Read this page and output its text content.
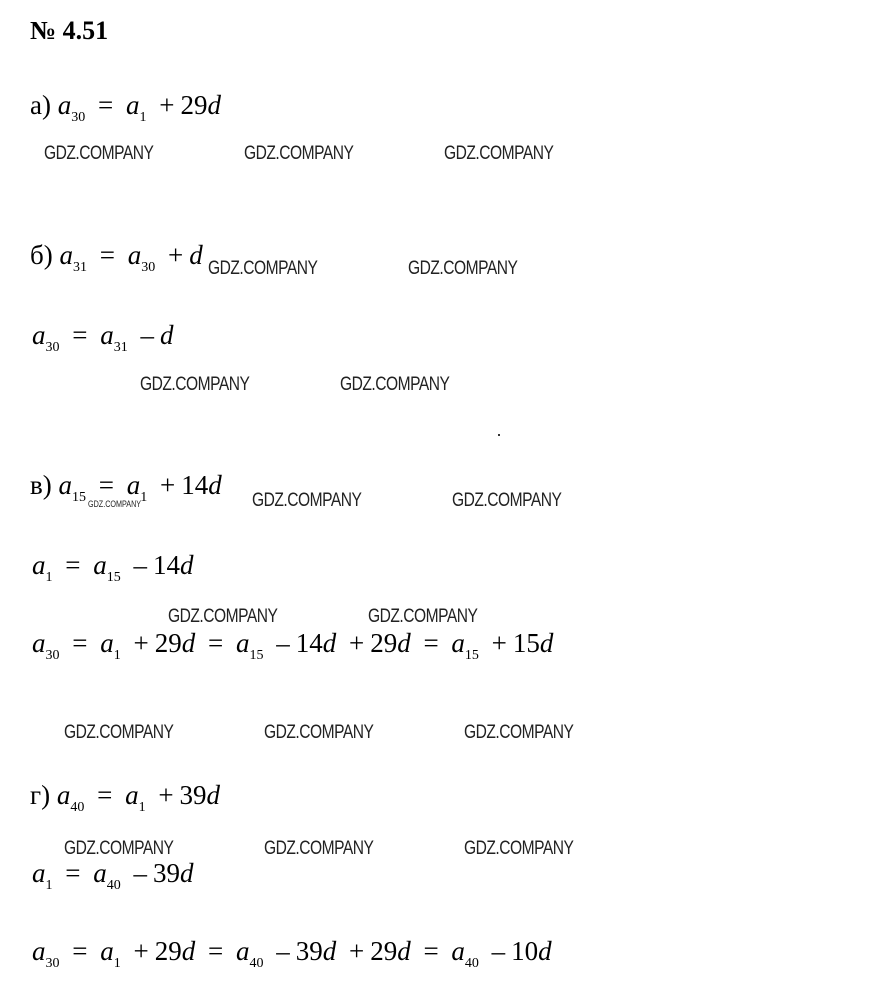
№ 4.51
а) $a_{30} = a_1 + 29d$
б) $a_{31} = a_{30} + d$
$a_{30} = a_{31} - d$
в) $a_{15} = a_1 + 14d$
$a_1 = a_{15} - 14d$
$a_{30} = a_1 + 29d = a_{15} - 14d + 29d = a_{15} + 15d$
г) $a_{40} = a_1 + 39d$
$a_1 = a_{40} - 39d$
$a_{30} = a_1 + 29d = a_{40} - 39d + 29d = a_{40} - 10d$
GDZ.COMPANY	GDZ.COMPANY	GDZ.COMPANY
GDZ.COMPANY	GDZ.COMPANY
GDZ.COMPANY	GDZ.COMPANY
GDZ.COMPANY	GDZ.COMPANY	GDZ.COMPANY
GDZ.COMPANY	GDZ.COMPANY
GDZ.COMPANY	GDZ.COMPANY	GDZ.COMPANY
GDZ.COMPANY	GDZ.COMPANY	GDZ.COMPANY
